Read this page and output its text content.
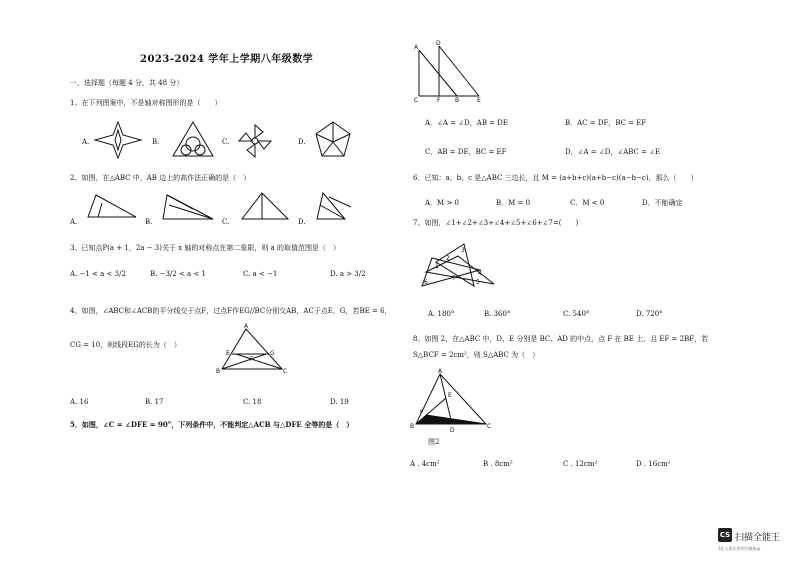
2023-2024 学年上学期八年级数学
一、选择题（每题 4 分，共 48 分）
1、在下列图案中，不是轴对称图形的是（　　）
A.	B.	C.	D.
2、如图，在△ABC 中，AB 边上的高作法正确的是（　）
A.	B.	C.	D.
3、已知点P(a + 1，2a − 3)关于 x 轴的对称点在第二象限，则 a 的取值范围是（　）
A. −1 < a < 3/2	B. −3/2 < a < 1	C. a < −1	D. a > 3/2
4、如图，∠ABC和∠ACB的平分线交于点F，过点F作EG//BC分别交AB，AC于点E，G，若BE = 6，
CG = 10，则线段EG的长为（　）
A
E
F
G
B	C
A. 16	B. 17	C. 18	D. 19
5．如图，∠C = ∠DFE = 90°，下列条件中，不能判定△ACB 与△DFE 全等的是（　）
A
D
C	F B	E
A．∠A = ∠D，AB = DE	B．AC = DF，BC = EF
C．AB = DE，BC = EF	D．∠A = ∠D，∠ABC = ∠E
6．已知：a、b、c 是△ABC 三边长，且 M = (a+b+c)(a+b−c)(a−b−c)，那么（　　）
A．M > 0	B．M = 0	C．M < 0	D．不能确定
7、如图，∠1+∠2+∠3+∠4+∠5+∠6+∠7=(　　)
1
2
3
4
5
6
7
A. 180°	B. 360°	C. 540°	D. 720°
8、如图 2，在△ABC 中，D、E 分别是 BC、AD 的中点，点 F 在 BE 上，且 EF = 2BF，若
S△BCF = 2cm²，则 S△ABC 为（　）
A
E
F
B
D
C
图2
A . 4cm²	B . 8cm²	C . 12cm²	D . 16cm²
CS 扫描全能王
3亿人都在用的扫描App
